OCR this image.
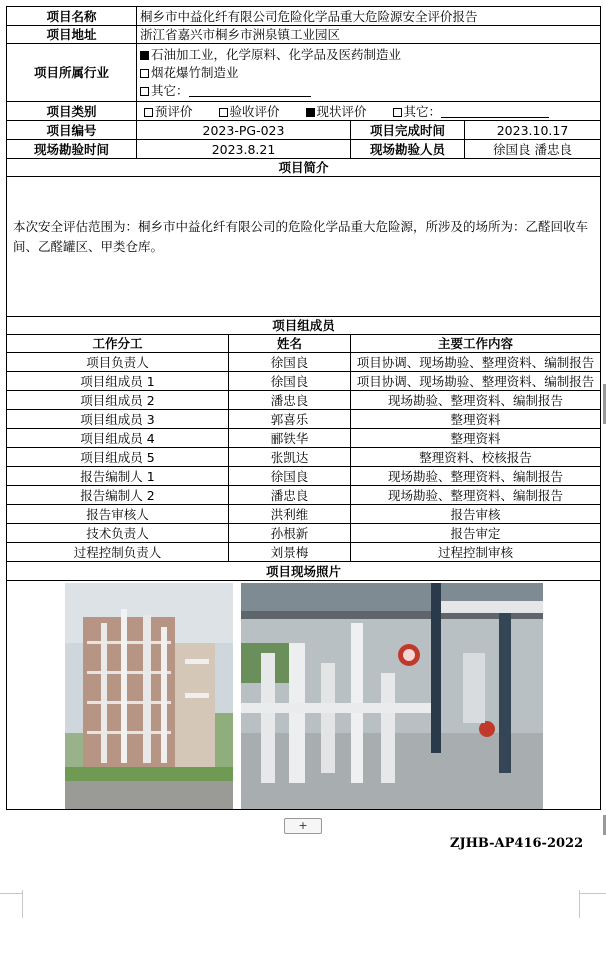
项目名称	桐乡市中益化纤有限公司危险化学品重大危险源安全评价报告			
项目地址	浙江省嘉兴市桐乡市洲泉镇工业园区			
项目所属行业	石油加工业，化学原料、化学品及医药制造业
烟花爆竹制造业
其它：			

项目类别	预评价 验收评价 现状评价 其它：			
项目编号	2023-PG-023		项目完成时间	2023.10.17
现场勘验时间	2023.8.21		现场勘验人员	徐国良 潘忠良
项目简介				
本次安全评估范围为：桐乡市中益化纤有限公司的危险化学品重大危险源，所涉及的场所为：乙醛回收车间、乙醛罐区、甲类仓库。				
项目组成员				
工作分工		姓名	主要工作内容	
项目负责人		徐国良	项目协调、现场勘验、整理资料、编制报告	
项目组成员 1		徐国良	项目协调、现场勘验、整理资料、编制报告	
项目组成员 2		潘忠良	现场勘验、整理资料、编制报告	
项目组成员 3		郭喜乐	整理资料	
项目组成员 4		郦铁华	整理资料	
项目组成员 5		张凯达	整理资料、校核报告	
报告编制人 1		徐国良	现场勘验、整理资料、编制报告	
报告编制人 2		潘忠良	现场勘验、整理资料、编制报告	
报告审核人		洪利维	报告审核	
技术负责人		孙根新	报告审定	
过程控制负责人		刘景梅	过程控制审核	
项目现场照片				

+
ZJHB-AP416-2022
